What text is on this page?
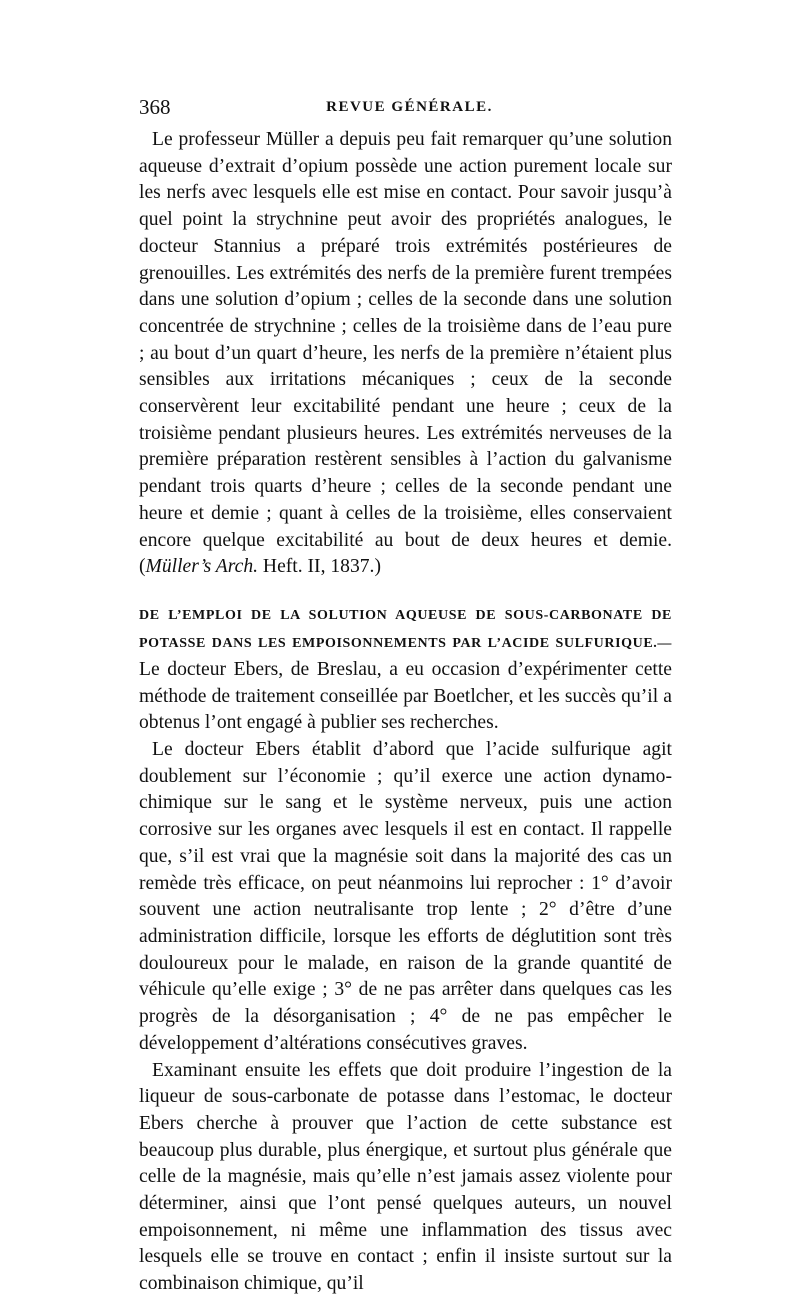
368	REVUE GÉNÉRALE.

Le professeur Müller a depuis peu fait remarquer qu’une solution aqueuse d’extrait d’opium possède une action purement locale sur les nerfs avec lesquels elle est mise en contact. Pour savoir jusqu’à quel point la strychnine peut avoir des propriétés analogues, le docteur Stannius a préparé trois extrémités postérieures de grenouilles. Les extrémités des nerfs de la première furent trempées dans une solution d’opium ; celles de la seconde dans une solution concentrée de strychnine ; celles de la troisième dans de l’eau pure ; au bout d’un quart d’heure, les nerfs de la première n’étaient plus sensibles aux irritations mécaniques ; ceux de la seconde conservèrent leur excitabilité pendant une heure ; ceux de la troisième pendant plusieurs heures. Les extrémités nerveuses de la première préparation restèrent sensibles à l’action du galvanisme pendant trois quarts d’heure ; celles de la seconde pendant une heure et demie ; quant à celles de la troisième, elles conservaient encore quelque excitabilité au bout de deux heures et demie. (Müller’s Arch. Heft. II, 1837.)

DE L’EMPLOI DE LA SOLUTION AQUEUSE DE SOUS-CARBONATE DE POTASSE DANS LES EMPOISONNEMENTS PAR L’ACIDE SULFURIQUE.— Le docteur Ebers, de Breslau, a eu occasion d’expérimenter cette méthode de traitement conseillée par Boetlcher, et les succès qu’il a obtenus l’ont engagé à publier ses recherches.

Le docteur Ebers établit d’abord que l’acide sulfurique agit doublement sur l’économie ; qu’il exerce une action dynamo-chimique sur le sang et le système nerveux, puis une action corrosive sur les organes avec lesquels il est en contact. Il rappelle que, s’il est vrai que la magnésie soit dans la majorité des cas un remède très efficace, on peut néanmoins lui reprocher : 1° d’avoir souvent une action neutralisante trop lente ; 2° d’être d’une administration difficile, lorsque les efforts de déglutition sont très douloureux pour le malade, en raison de la grande quantité de véhicule qu’elle exige ; 3° de ne pas arrêter dans quelques cas les progrès de la désorganisation ; 4° de ne pas empêcher le développement d’altérations consécutives graves.

Examinant ensuite les effets que doit produire l’ingestion de la liqueur de sous-carbonate de potasse dans l’estomac, le docteur Ebers cherche à prouver que l’action de cette substance est beaucoup plus durable, plus énergique, et surtout plus générale que celle de la magnésie, mais qu’elle n’est jamais assez violente pour déterminer, ainsi que l’ont pensé quelques auteurs, un nouvel empoisonnement, ni même une inflammation des tissus avec lesquels elle se trouve en contact ; enfin il insiste surtout sur la combinaison chimique, qu’il
